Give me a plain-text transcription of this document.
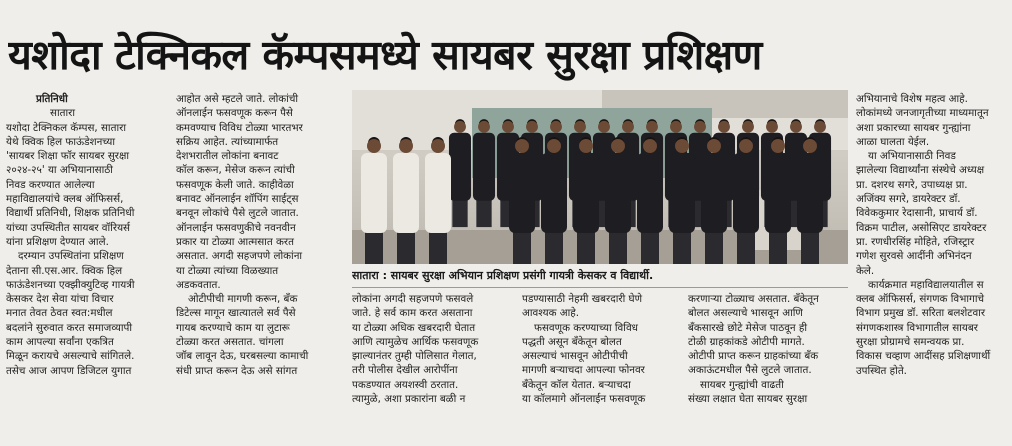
यशोदा टेक्निकल कॅम्पसमध्ये सायबर सुरक्षा प्रशिक्षण

प्रतिनिधी

सातारा

यशोदा टेक्निकल कॅम्पस, सातारा

येथे क्विक हिल फाऊंडेशनच्या

'सायबर शिक्षा फॉर सायबर सुरक्षा

२०२४-२५' या अभियानासाठी

निवड करण्यात आलेल्या

महाविद्यालयांचे क्लब ऑफिसर्स,

विद्यार्थी प्रतिनिधी, शिक्षक प्रतिनिधी

यांच्या उपस्थितीत सायबर वॉरियर्स

यांना प्रशिक्षण देण्यात आले.

दरम्यान उपस्थितांना प्रशिक्षण

देताना सी.एस.आर. क्विक हिल

फाऊंडेशनच्या एक्झीक्युटिव्ह गायत्री

केसकर देश सेवा यांचा विचार

मनात तेवत ठेवत स्वत:मधील

बदलांने सुरुवात करत समाजव्यापी

काम आपल्या सर्वांना एकत्रित

मिळून करायचे असल्याचे सांगितले.

तसेच आज आपण डिजिटल युगात

आहोत असे म्हटले जाते. लोकांची

ऑनलाईन फसवणूक करून पैसे

कमवण्याच विविध टोळ्या भारतभर

सक्रिय आहेत. त्यांच्यामार्फत

देशभरातील लोकांना बनावट

कॉल करून, मेसेज करून त्यांची

फसवणूक केली जाते. काहीवेळा

बनावट ऑनलाईन शॉपिंग साईट्स

बनवून लोकांचे पैसे लुटले जातात.

ऑनलाईन फसवणुकीचे नवनवीन

प्रकार या टोळ्या आत्मसात करत

असतात. अगदी सहजपणे लोकांना

या टोळ्या त्यांच्या विळख्यात

अडकवतात.

ओटीपीची मागणी करून, बँक

डिटेल्स मागून खात्यातले सर्व पैसे

गायब करण्याचे काम या लुटारू

टोळ्या करत असतात. चांगला

जॉब लावून देऊ, घरबसल्या कामाची

संधी प्राप्त करून देऊ असे सांगत

सातारा : सायबर सुरक्षा अभियान प्रशिक्षण प्रसंगी गायत्री केसकर व विद्यार्थी.

लोकांना अगदी सहजपणे फसवले

जाते. हे सर्व काम करत असताना

या टोळ्या अधिक खबरदारी घेतात

आणि त्यामुळेच आर्थिक फसवणूक

झाल्यानंतर तुम्ही पोलिसात गेलात,

तरी पोलीस देखील आरोपींना

पकडण्यात अयशस्वी ठरतात.

त्यामुळे, अशा प्रकारांना बळी न

पडण्यासाठी नेहमी खबरदारी घेणे

आवश्यक आहे.

फसवणूक करण्याच्या विविध

पद्धती असून बँकेतून बोलत

असल्याचं भासवून ओटीपीची

मागणी बऱ्याचदा आपल्या फोनवर

बँकेतून कॉल येतात. बऱ्याचदा

या कॉलमागे ऑनलाईन फसवणूक

करणाऱ्या टोळ्याच असतात. बँकेतून

बोलत असल्याचे भासवून आणि

बँकसारखे छोटे मेसेज पाठवून ही

टोळी ग्राहकांकडे ओटीपी मागते.

ओटीपी प्राप्त करून ग्राहकांच्या बँक

अकाऊंटमधील पैसे लुटले जातात.

सायबर गुन्ह्यांची वाढती

संख्या लक्षात घेता सायबर सुरक्षा

अभियानाचे विशेष महत्व आहे.

लोकांमध्ये जनजागृतीच्या माध्यमातून

अशा प्रकारच्या सायबर गुन्ह्यांना

आळा घालता येईल.

या अभियानासाठी निवड

झालेल्या विद्यार्थ्यांना संस्थेचे अध्यक्ष

प्रा. दशरथ सगरे, उपाध्यक्ष प्रा.

अजिंक्य सगरे, डायरेक्टर डॉ.

विवेककुमार रेदासानी, प्राचार्य डॉ.

विक्रम पाटील, असोसिएट डायरेक्टर

प्रा. रणधीरसिंह मोहिते, रजिस्ट्रार

गणेश सुरवसे आदींनी अभिनंदन

केले.

कार्यक्रमात महाविद्यालयातील स

क्लब ऑफिसर्स, संगणक विभागाचे

विभाग प्रमुख डॉ. सरिता बलशेटवार

संगणकशास्त्र विभागातील सायबर

सुरक्षा प्रोग्रामचे समन्वयक प्रा.

विकास चव्हाण आदींसह प्रशिक्षणार्थी

उपस्थित होते.
